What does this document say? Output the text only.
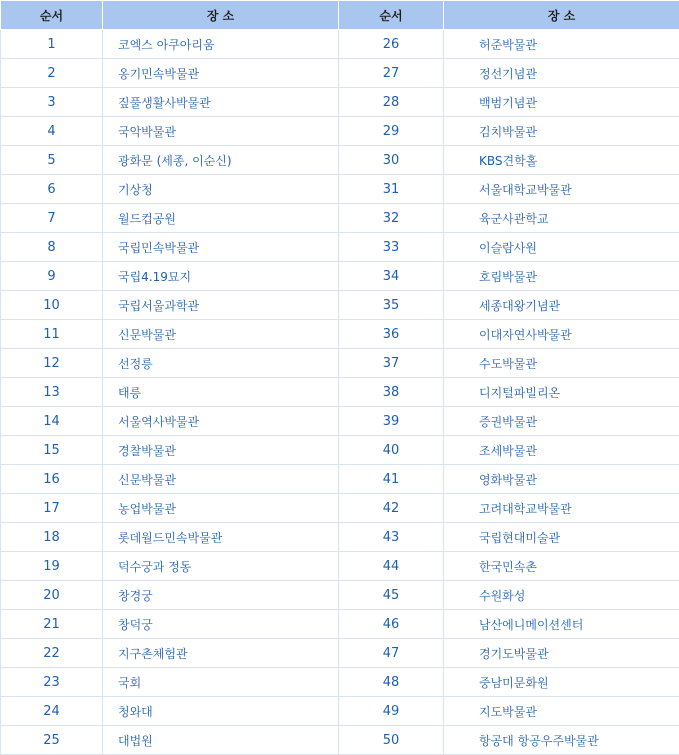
순서	장 소	순서	장 소
1	코엑스 아쿠아리움	26	허준박물관
2	옹기민속박물관	27	정선기념관
3	짚풀생활사박물관	28	백범기념관
4	국악박물관	29	김치박물관
5	광화문 (세종, 이순신)	30	KBS견학홀
6	기상청	31	서울대학교박물관
7	월드컵공원	32	육군사관학교
8	국립민속박물관	33	이슬람사원
9	국립4.19묘지	34	호림박물관
10	국립서울과학관	35	세종대왕기념관
11	신문박물관	36	이대자연사박물관
12	선정릉	37	수도박물관
13	태릉	38	디지털파빌리온
14	서울역사박물관	39	증권박물관
15	경찰박물관	40	조세박물관
16	신문박물관	41	영화박물관
17	농업박물관	42	고려대학교박물관
18	롯데월드민속박물관	43	국립현대미술관
19	덕수궁과 정동	44	한국민속촌
20	창경궁	45	수원화성
21	창덕궁	46	남산에니메이션센터
22	지구촌체험관	47	경기도박물관
23	국회	48	중남미문화원
24	청와대	49	지도박물관
25	대법원	50	항공대 항공우주박물관
